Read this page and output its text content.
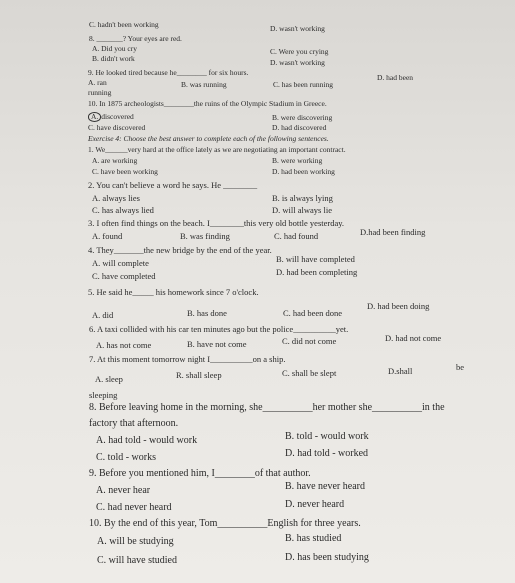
C. hadn't been working	D. wasn't working
8. _______? Your eyes are red.
A. Did you cry
B. didn't work
C. Were you crying
D. wasn't working
9. He looked tired because he________ for six hours.
A. ran
running
B. was running	C. has been running
D. had been
10. In 1875 archeologists________the ruins of the Olympic Stadium in Greece.
A. discovered	B. were discovering
C. have discovered	D. had discovered
Exercise 4: Choose the best answer to complete each of the following sentences.
1. We______very hard at the office lately as we are negotiating an important contract.
A. are working	B. were working
C. have been working	D. had been working
2. You can't believe a word he says. He ________
A. always lies	B. is always lying
C. has always lied	D. will always lie
3. I often find things on the beach. I________this very old bottle yesterday.
A. found	B. was finding	C. had found	D.had been finding
4. They_______the new bridge by the end of the year.
A. will complete	B. will have completed
C. have completed	D. had been completing
5. He said he_____ his homework since 7 o'clock.
A. did	B. has done	C. had been done
D. had been doing
6. A taxi collided with his car ten minutes ago but the police__________yet.
A. has not come	B. have not come	C. did not come	D. had not come
7. At this moment tomorrow night I__________on a ship.
A. sleep
sleeping
R. shall sleep	C. shall be slept	D.shall	be
8. Before leaving home in the morning, she__________her mother she__________in the
factory that afternoon.
A. had told - would work	B. told - would work
C. told - works	D. had told - worked
9. Before you mentioned him, I________of that author.
A. never hear	B. have never heard
C. had never heard	D. never heard
10. By the end of this year, Tom__________English for three years.
A. will be studying	B. has studied
C. will have studied	D. has been studying
